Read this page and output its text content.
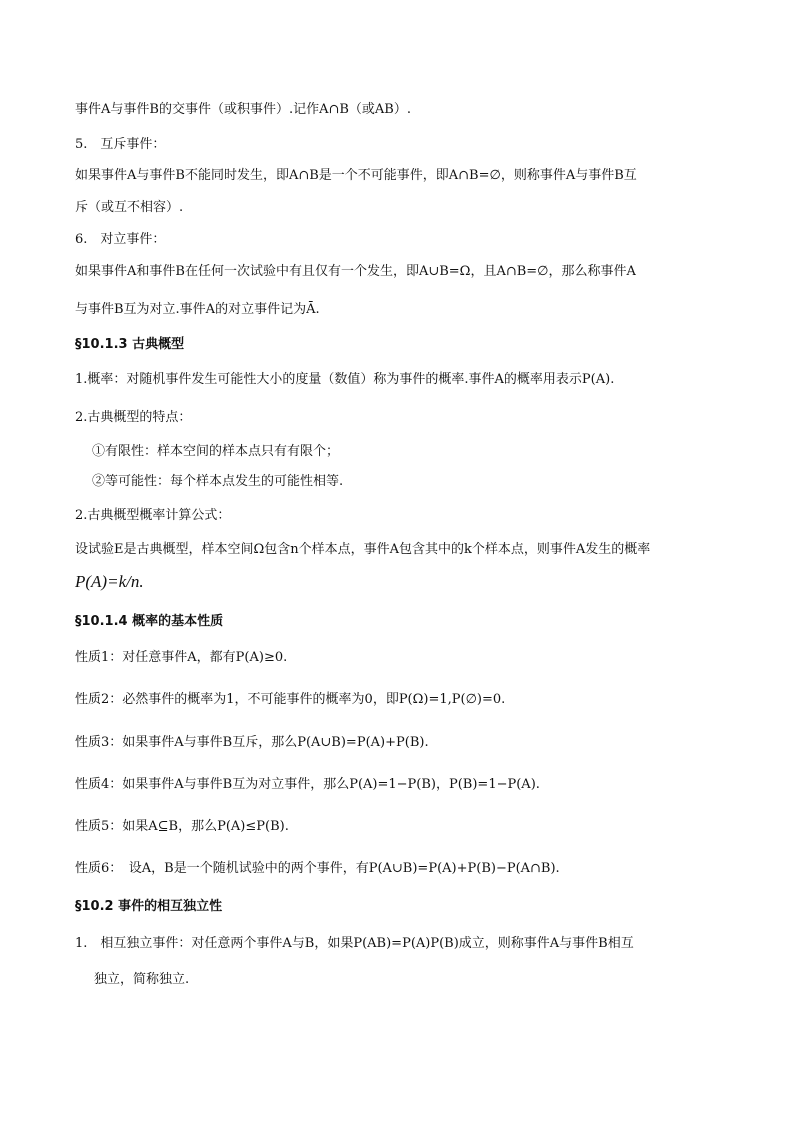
事件A与事件B的交事件（或积事件）.记作A∩B（或AB）.
5.　互斥事件：
如果事件A与事件B不能同时发生，即A∩B是一个不可能事件，即A∩B=∅，则称事件A与事件B互
斥（或互不相容）.
6.　对立事件：
如果事件A和事件B在任何一次试验中有且仅有一个发生，即A∪B=Ω，且A∩B=∅，那么称事件A
与事件B互为对立.事件A的对立事件记为Ā.
§10.1.3 古典概型
1.概率：对随机事件发生可能性大小的度量（数值）称为事件的概率.事件A的概率用表示P(A).
2.古典概型的特点：
①有限性：样本空间的样本点只有有限个；
②等可能性：每个样本点发生的可能性相等.
2.古典概型概率计算公式：
设试验E是古典概型，样本空间Ω包含n个样本点，事件A包含其中的k个样本点，则事件A发生的概率
P(A)=k/n.
§10.1.4 概率的基本性质
性质1：对任意事件A，都有P(A)≥0.
性质2：必然事件的概率为1，不可能事件的概率为0，即P(Ω)=1,P(∅)=0.
性质3：如果事件A与事件B互斥，那么P(A∪B)=P(A)+P(B).
性质4：如果事件A与事件B互为对立事件，那么P(A)=1−P(B)，P(B)=1−P(A).
性质5：如果A⊆B，那么P(A)≤P(B).
性质6：　设A，B是一个随机试验中的两个事件，有P(A∪B)=P(A)+P(B)−P(A∩B).
§10.2 事件的相互独立性
1.　相互独立事件：对任意两个事件A与B，如果P(AB)=P(A)P(B)成立，则称事件A与事件B相互
独立，简称独立.
